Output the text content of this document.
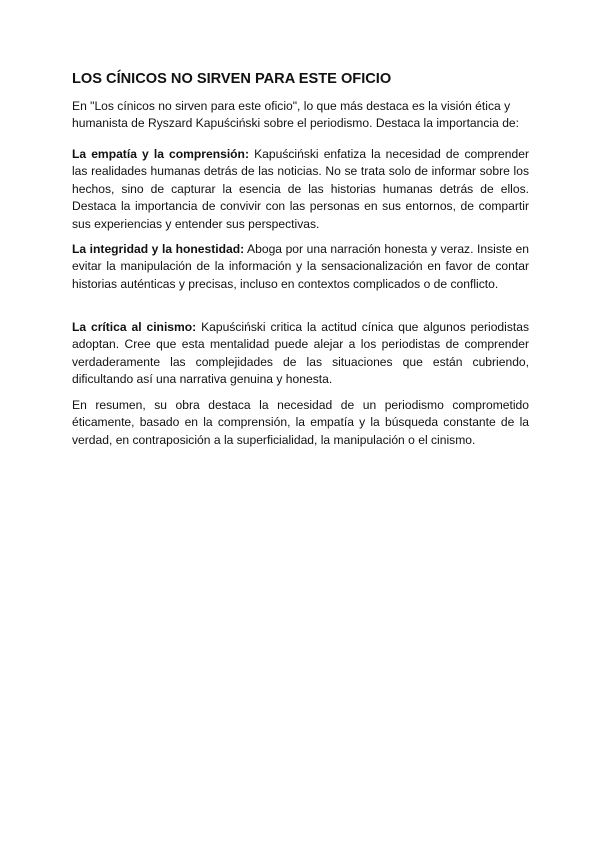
LOS CÍNICOS NO SIRVEN PARA ESTE OFICIO

En "Los cínicos no sirven para este oficio", lo que más destaca es la visión ética y humanista de Ryszard Kapuściński sobre el periodismo. Destaca la importancia de:

La empatía y la comprensión: Kapuściński enfatiza la necesidad de comprender las realidades humanas detrás de las noticias. No se trata solo de informar sobre los hechos, sino de capturar la esencia de las historias humanas detrás de ellos. Destaca la importancia de convivir con las personas en sus entornos, de compartir sus experiencias y entender sus perspectivas.

La integridad y la honestidad: Aboga por una narración honesta y veraz. Insiste en evitar la manipulación de la información y la sensacionalización en favor de contar historias auténticas y precisas, incluso en contextos complicados o de conflicto.

La crítica al cinismo: Kapuściński critica la actitud cínica que algunos periodistas adoptan. Cree que esta mentalidad puede alejar a los periodistas de comprender verdaderamente las complejidades de las situaciones que están cubriendo, dificultando así una narrativa genuina y honesta.

En resumen, su obra destaca la necesidad de un periodismo comprometido éticamente, basado en la comprensión, la empatía y la búsqueda constante de la verdad, en contraposición a la superficialidad, la manipulación o el cinismo.
